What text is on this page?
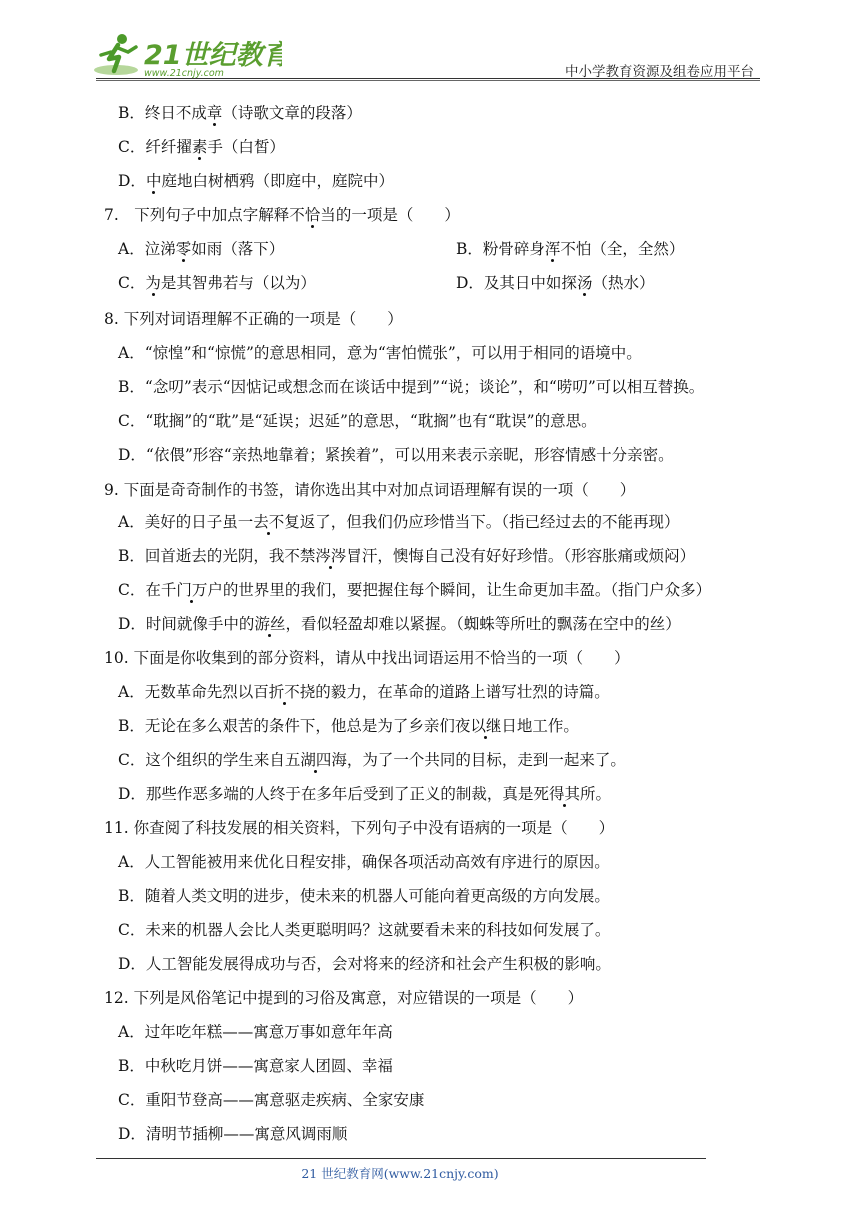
21世纪教育
www.21cnjy.com	中小学教育资源及组卷应用平台
B．终日不成章（诗歌文章的段落）
C．纤纤擢素手（白皙）
D．中庭地白树栖鸦（即庭中，庭院中）
7.　下列句子中加点字解释不恰当的一项是（　　）
A．泣涕零如雨（落下）	B．粉骨碎身浑不怕（全，全然）
C．为是其智弗若与（以为）	D．及其日中如探汤（热水）
8. 下列对词语理解不正确的一项是（　　）
A．“惊惶”和“惊慌”的意思相同，意为“害怕慌张”，可以用于相同的语境中。
B．“念叨”表示“因惦记或想念而在谈话中提到”“说；谈论”，和“唠叨”可以相互替换。
C．“耽搁”的“耽”是“延误；迟延”的意思，“耽搁”也有“耽误”的意思。
D．“依偎”形容“亲热地靠着；紧挨着”，可以用来表示亲昵，形容情感十分亲密。
9. 下面是奇奇制作的书签，请你选出其中对加点词语理解有误的一项（　　）
A．美好的日子虽一去不复返了，但我们仍应珍惜当下。（指已经过去的不能再现）
B．回首逝去的光阴，我不禁涔涔冒汗，懊悔自己没有好好珍惜。（形容胀痛或烦闷）
C．在千门万户的世界里的我们，要把握住每个瞬间，让生命更加丰盈。（指门户众多）
D．时间就像手中的游丝，看似轻盈却难以紧握。（蜘蛛等所吐的飘荡在空中的丝）
10. 下面是你收集到的部分资料，请从中找出词语运用不恰当的一项（　　）
A．无数革命先烈以百折不挠的毅力，在革命的道路上谱写壮烈的诗篇。
B．无论在多么艰苦的条件下，他总是为了乡亲们夜以继日地工作。
C．这个组织的学生来自五湖四海，为了一个共同的目标，走到一起来了。
D．那些作恶多端的人终于在多年后受到了正义的制裁，真是死得其所。
11. 你查阅了科技发展的相关资料，下列句子中没有语病的一项是（　　）
A．人工智能被用来优化日程安排，确保各项活动高效有序进行的原因。
B．随着人类文明的进步，使未来的机器人可能向着更高级的方向发展。
C．未来的机器人会比人类更聪明吗？这就要看未来的科技如何发展了。
D．人工智能发展得成功与否，会对将来的经济和社会产生积极的影响。
12. 下列是风俗笔记中提到的习俗及寓意，对应错误的一项是（　　）
A．过年吃年糕——寓意万事如意年年高
B．中秋吃月饼——寓意家人团圆、幸福
C．重阳节登高——寓意驱走疾病、全家安康
D．清明节插柳——寓意风调雨顺
21 世纪教育网(www.21cnjy.com)
